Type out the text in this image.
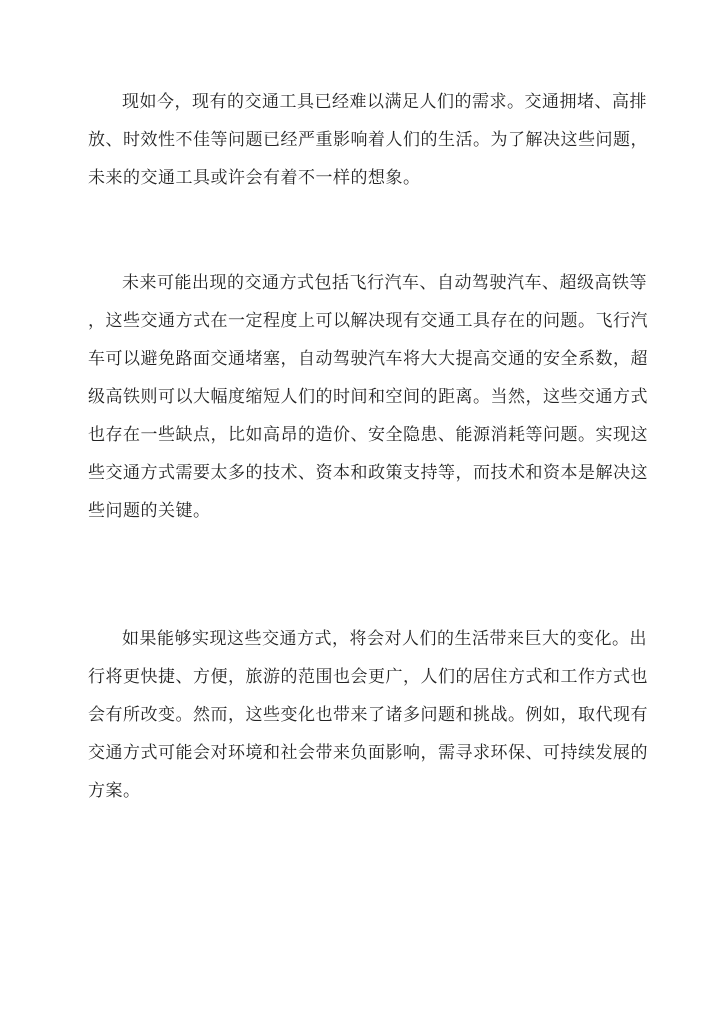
现如今，现有的交通工具已经难以满足人们的需求。交通拥堵、高排
放、时效性不佳等问题已经严重影响着人们的生活。为了解决这些问题，
未来的交通工具或许会有着不一样的想象。

未来可能出现的交通方式包括飞行汽车、自动驾驶汽车、超级高铁等
，这些交通方式在一定程度上可以解决现有交通工具存在的问题。飞行汽
车可以避免路面交通堵塞，自动驾驶汽车将大大提高交通的安全系数，超
级高铁则可以大幅度缩短人们的时间和空间的距离。当然，这些交通方式
也存在一些缺点，比如高昂的造价、安全隐患、能源消耗等问题。实现这
些交通方式需要太多的技术、资本和政策支持等，而技术和资本是解决这
些问题的关键。

如果能够实现这些交通方式，将会对人们的生活带来巨大的变化。出
行将更快捷、方便，旅游的范围也会更广，人们的居住方式和工作方式也
会有所改变。然而，这些变化也带来了诸多问题和挑战。例如，取代现有
交通方式可能会对环境和社会带来负面影响，需寻求环保、可持续发展的
方案。
